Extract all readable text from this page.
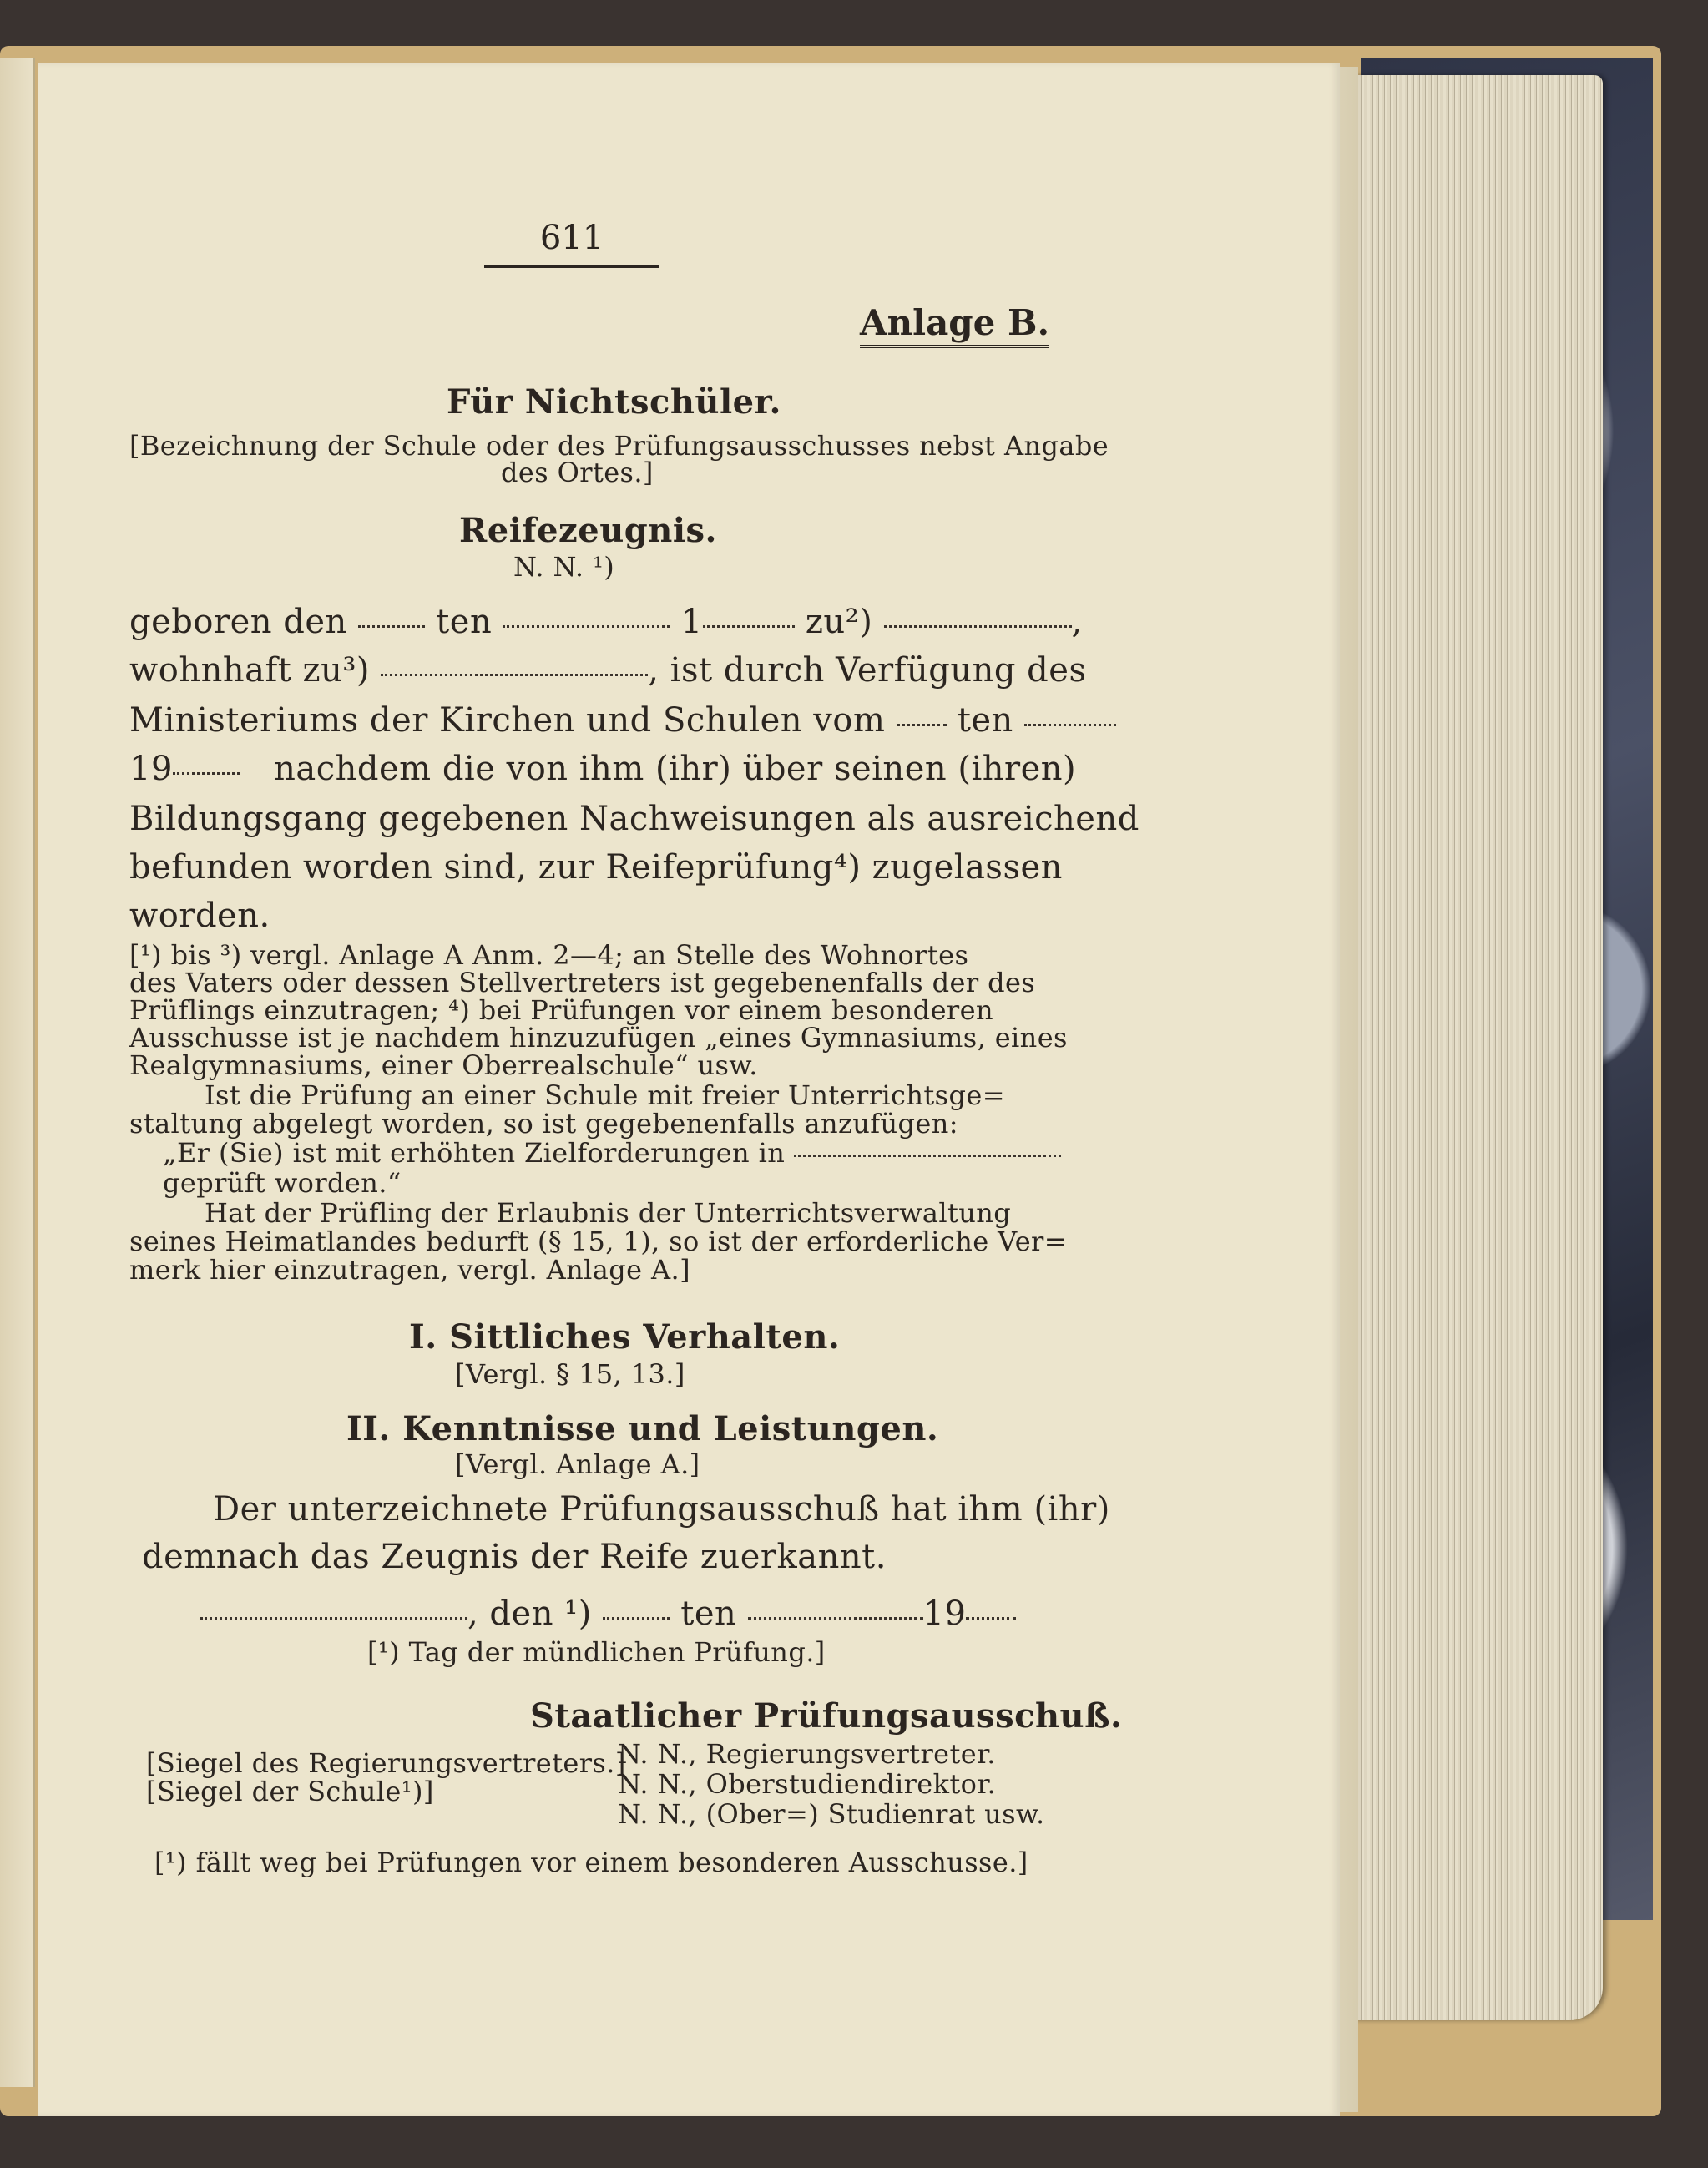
611
Anlage B.
Für Nichtschüler.
[Bezeichnung der Schule oder des Prüfungsausschusses nebst Angabe
des Ortes.]
Reifezeugnis.
N. N. ¹)
geboren den	ten	1	zu²)	,
wohnhaft zu³)	, ist durch Verfügung des
Ministeriums der Kirchen und Schulen vom ten
19	nachdem die von ihm (ihr) über seinen (ihren)
Bildungsgang gegebenen Nachweisungen als ausreichend
befunden worden sind, zur Reifeprüfung⁴) zugelassen
worden.
[¹) bis ³) vergl. Anlage A Anm. 2—4; an Stelle des Wohnortes
des Vaters oder dessen Stellvertreters ist gegebenenfalls der des
Prüflings einzutragen; ⁴) bei Prüfungen vor einem besonderen
Ausschusse ist je nachdem hinzuzufügen „eines Gymnasiums, eines
Realgymnasiums, einer Oberrealschule“ usw.
Ist die Prüfung an einer Schule mit freier Unterrichtsge=
staltung abgelegt worden, so ist gegebenenfalls anzufügen:
„Er (Sie) ist mit erhöhten Zielforderungen in
geprüft worden.“
Hat der Prüfling der Erlaubnis der Unterrichtsverwaltung
seines Heimatlandes bedurft (§ 15, 1), so ist der erforderliche Ver=
merk hier einzutragen, vergl. Anlage A.]
I. Sittliches Verhalten.
[Vergl. § 15, 13.]
II. Kenntnisse und Leistungen.
[Vergl. Anlage A.]
Der unterzeichnete Prüfungsausschuß hat ihm (ihr)
demnach das Zeugnis der Reife zuerkannt.
, den ¹)	ten	19
[¹) Tag der mündlichen Prüfung.]
Staatlicher Prüfungsausschuß.
[Siegel des Regierungsvertreters.]
[Siegel der Schule¹)]
N. N., Regierungsvertreter.
N. N., Oberstudiendirektor.
N. N., (Ober=) Studienrat usw.
[¹) fällt weg bei Prüfungen vor einem besonderen Ausschusse.]
